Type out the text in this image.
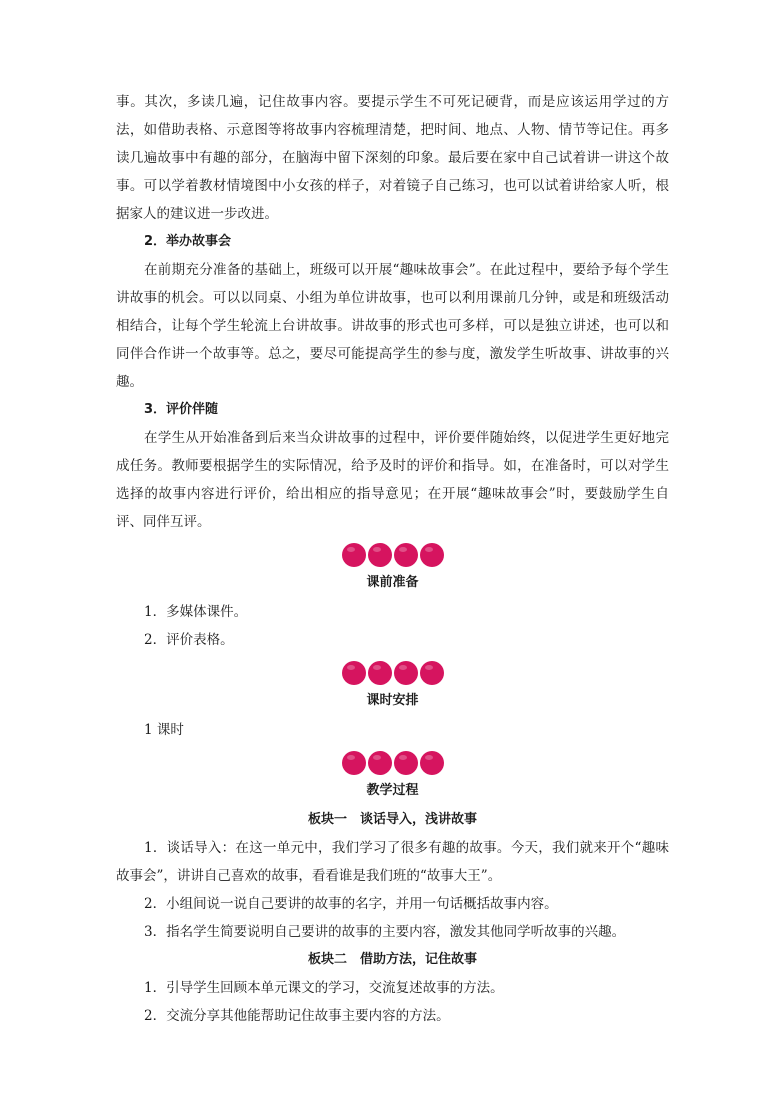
事。其次，多读几遍，记住故事内容。要提示学生不可死记硬背，而是应该运用学过的方法，如借助表格、示意图等将故事内容梳理清楚，把时间、地点、人物、情节等记住。再多读几遍故事中有趣的部分，在脑海中留下深刻的印象。最后要在家中自己试着讲一讲这个故事。可以学着教材情境图中小女孩的样子，对着镜子自己练习，也可以试着讲给家人听，根据家人的建议进一步改进。

2．举办故事会

在前期充分准备的基础上，班级可以开展“趣味故事会”。在此过程中，要给予每个学生讲故事的机会。可以以同桌、小组为单位讲故事，也可以利用课前几分钟，或是和班级活动相结合，让每个学生轮流上台讲故事。讲故事的形式也可多样，可以是独立讲述，也可以和同伴合作讲一个故事等。总之，要尽可能提高学生的参与度，激发学生听故事、讲故事的兴趣。

3．评价伴随

在学生从开始准备到后来当众讲故事的过程中，评价要伴随始终，以促进学生更好地完成任务。教师要根据学生的实际情况，给予及时的评价和指导。如，在准备时，可以对学生选择的故事内容进行评价，给出相应的指导意见；在开展“趣味故事会”时，要鼓励学生自评、同伴互评。

课前准备

1．多媒体课件。

2．评价表格。

课时安排

1 课时

教学过程
板块一　谈话导入，浅讲故事

1．谈话导入：在这一单元中，我们学习了很多有趣的故事。今天，我们就来开个“趣味故事会”，讲讲自己喜欢的故事，看看谁是我们班的“故事大王”。

2．小组间说一说自己要讲的故事的名字，并用一句话概括故事内容。

3．指名学生简要说明自己要讲的故事的主要内容，激发其他同学听故事的兴趣。

板块二　借助方法，记住故事

1．引导学生回顾本单元课文的学习，交流复述故事的方法。

2．交流分享其他能帮助记住故事主要内容的方法。
